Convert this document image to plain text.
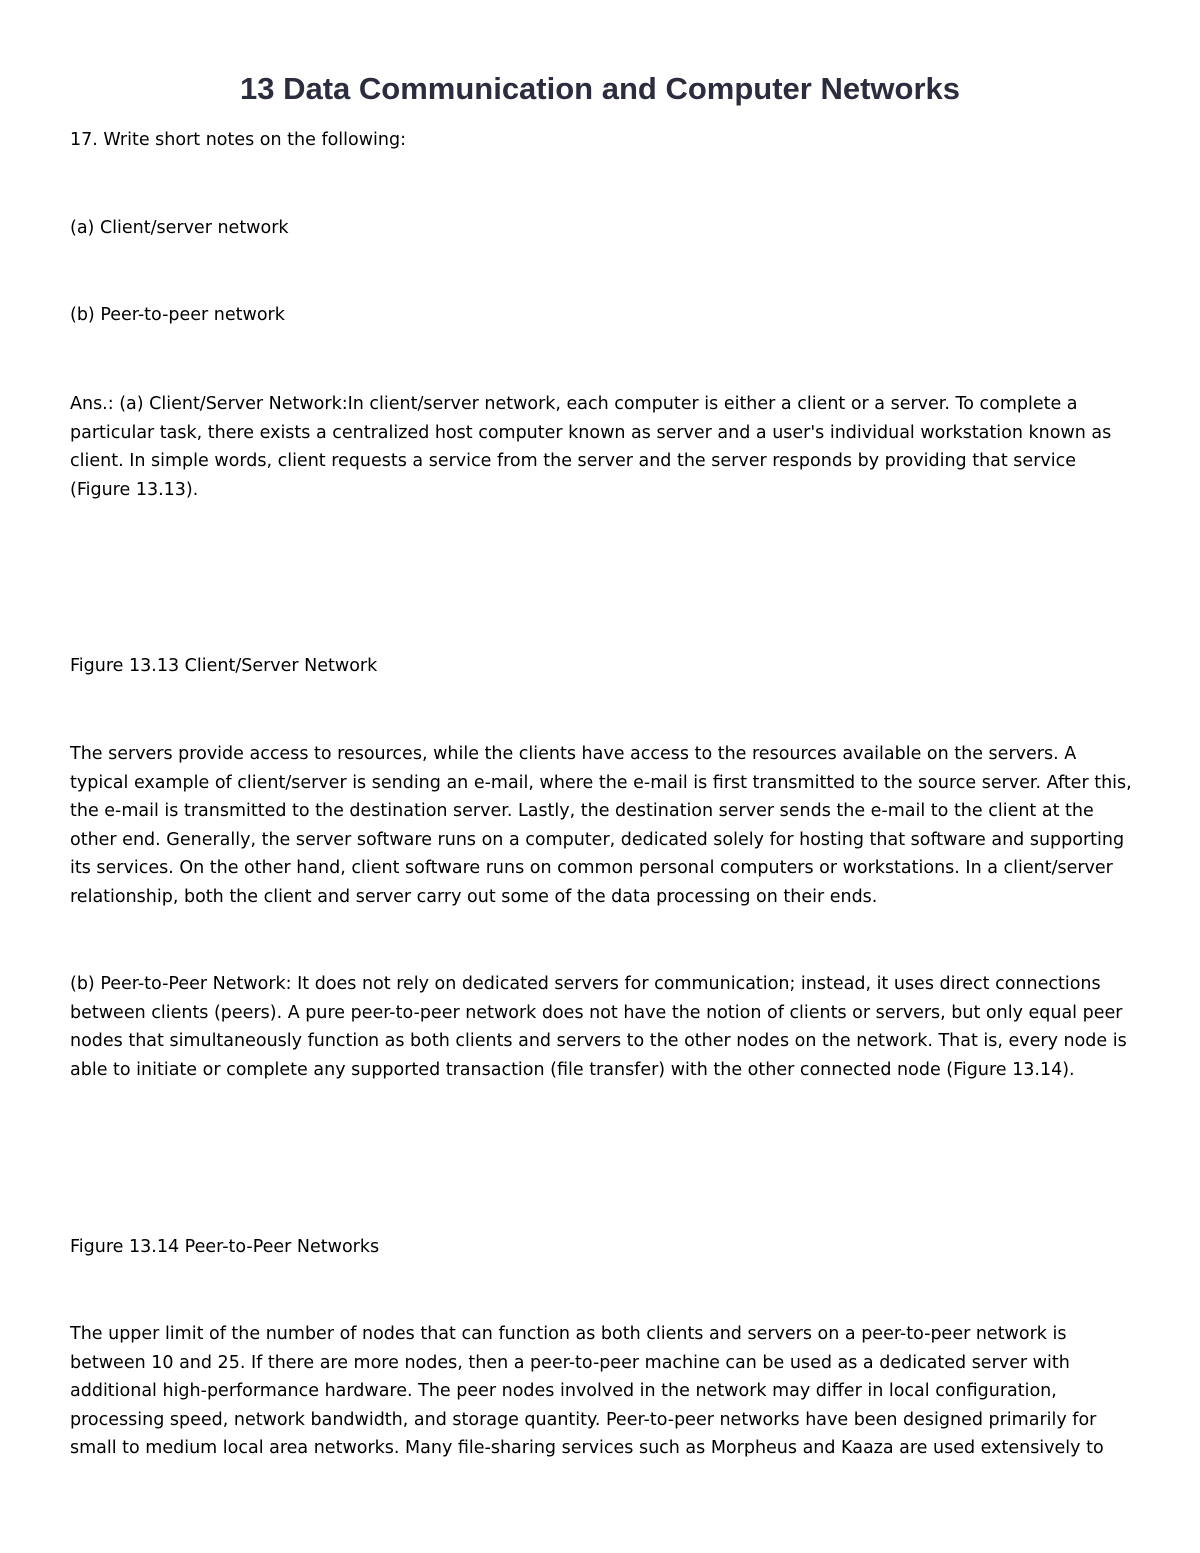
13 Data Communication and Computer Networks

17. Write short notes on the following:

(a) Client/server network

(b) Peer-to-peer network

Ans.: (a) Client/Server Network:In client/server network, each computer is either a client or a server. To complete a particular task, there exists a centralized host computer known as server and a user's individual workstation known as client. In simple words, client requests a service from the server and the server responds by providing that service (Figure 13.13).

Figure 13.13 Client/Server Network

The servers provide access to resources, while the clients have access to the resources available on the servers. A typical example of client/server is sending an e-mail, where the e-mail is first transmitted to the source server. After this, the e-mail is transmitted to the destination server. Lastly, the destination server sends the e-mail to the client at the other end. Generally, the server software runs on a computer, dedicated solely for hosting that software and supporting its services. On the other hand, client software runs on common personal computers or workstations. In a client/server relationship, both the client and server carry out some of the data processing on their ends.

(b) Peer-to-Peer Network: It does not rely on dedicated servers for communication; instead, it uses direct connections between clients (peers). A pure peer-to-peer network does not have the notion of clients or servers, but only equal peer nodes that simultaneously function as both clients and servers to the other nodes on the network. That is, every node is able to initiate or complete any supported transaction (file transfer) with the other connected node (Figure 13.14).

Figure 13.14 Peer-to-Peer Networks

The upper limit of the number of nodes that can function as both clients and servers on a peer-to-peer network is between 10 and 25. If there are more nodes, then a peer-to-peer machine can be used as a dedicated server with additional high-performance hardware. The peer nodes involved in the network may differ in local configuration, processing speed, network bandwidth, and storage quantity. Peer-to-peer networks have been designed primarily for small to medium local area networks. Many file-sharing services such as Morpheus and Kaaza are used extensively to
